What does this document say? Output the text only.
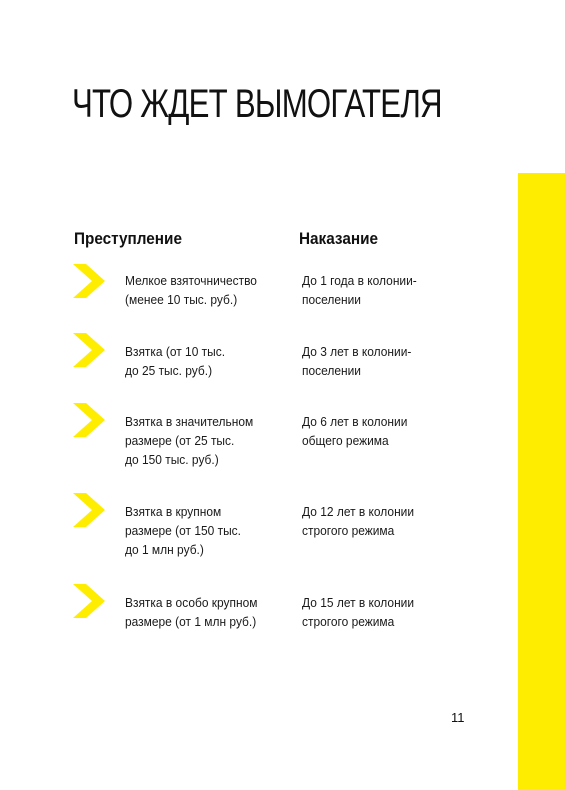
ЧТО ЖДЕТ ВЫМОГАТЕЛЯ
Преступление	Наказание
Мелкое взяточничество
(менее 10 тыс. руб.)
До 1 года в колонии-
поселении
Взятка (от 10 тыс.
до 25 тыс. руб.)
До 3 лет в колонии-
поселении
Взятка в значительном
размере (от 25 тыс.
до 150 тыс. руб.)
До 6 лет в колонии
общего режима
Взятка в крупном
размере (от 150 тыс.
до 1 млн руб.)
До 12 лет в колонии
строгого режима
Взятка в особо крупном
размере (от 1 млн руб.)
До 15 лет в колонии
строгого режима
11
